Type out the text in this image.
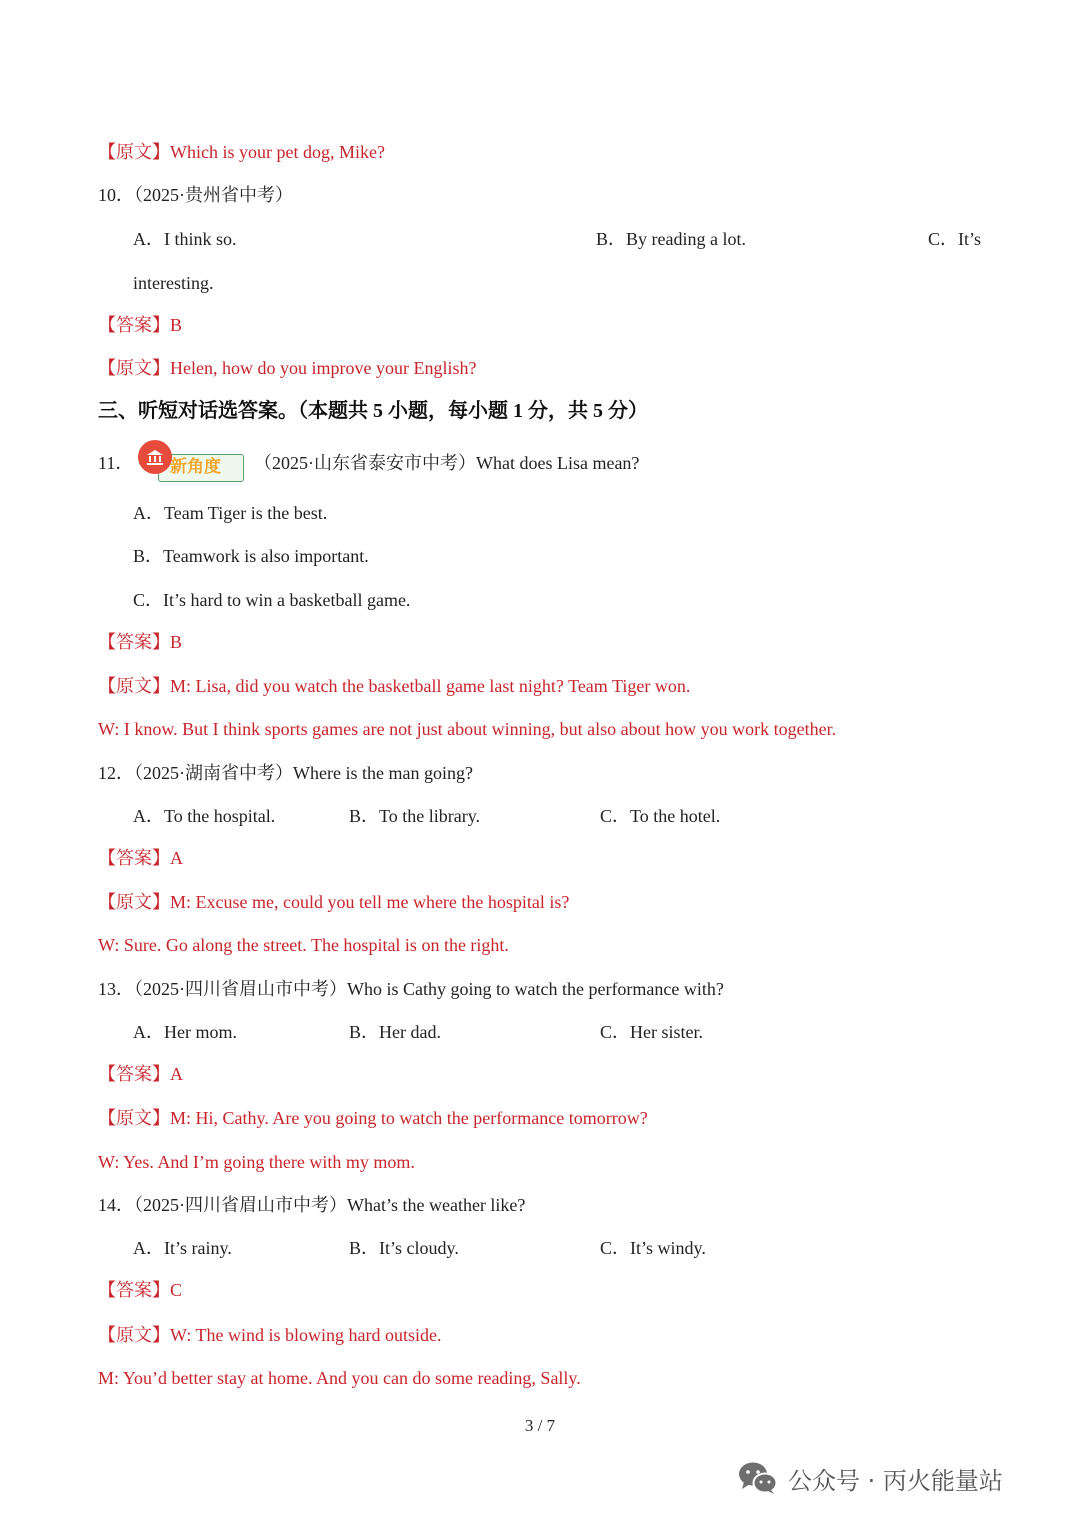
【原文】Which is your pet dog, Mike?
10．（2025·贵州省中考）
A．I think so.	B．By reading a lot.	C．It’s
interesting.
【答案】B
【原文】Helen, how do you improve your English?
三、听短对话选答案。（本题共 5 小题，每小题 1 分，共 5 分）
11． 新角度 （2025·山东省泰安市中考）What does Lisa mean?
A．Team Tiger is the best.
B．Teamwork is also important.
C．It’s hard to win a basketball game.
【答案】B
【原文】M: Lisa, did you watch the basketball game last night? Team Tiger won.
W: I know. But I think sports games are not just about winning, but also about how you work together.
12．（2025·湖南省中考）Where is the man going?
A．To the hospital.	B．To the library.	C．To the hotel.
【答案】A
【原文】M: Excuse me, could you tell me where the hospital is?
W: Sure. Go along the street. The hospital is on the right.
13．（2025·四川省眉山市中考）Who is Cathy going to watch the performance with?
A．Her mom.	B．Her dad.	C．Her sister.
【答案】A
【原文】M: Hi, Cathy. Are you going to watch the performance tomorrow?
W: Yes. And I’m going there with my mom.
14．（2025·四川省眉山市中考）What’s the weather like?
A．It’s rainy.	B．It’s cloudy.	C．It’s windy.
【答案】C
【原文】W: The wind is blowing hard outside.
M: You’d better stay at home. And you can do some reading, Sally.
3 / 7
公众号 · 丙火能量站
